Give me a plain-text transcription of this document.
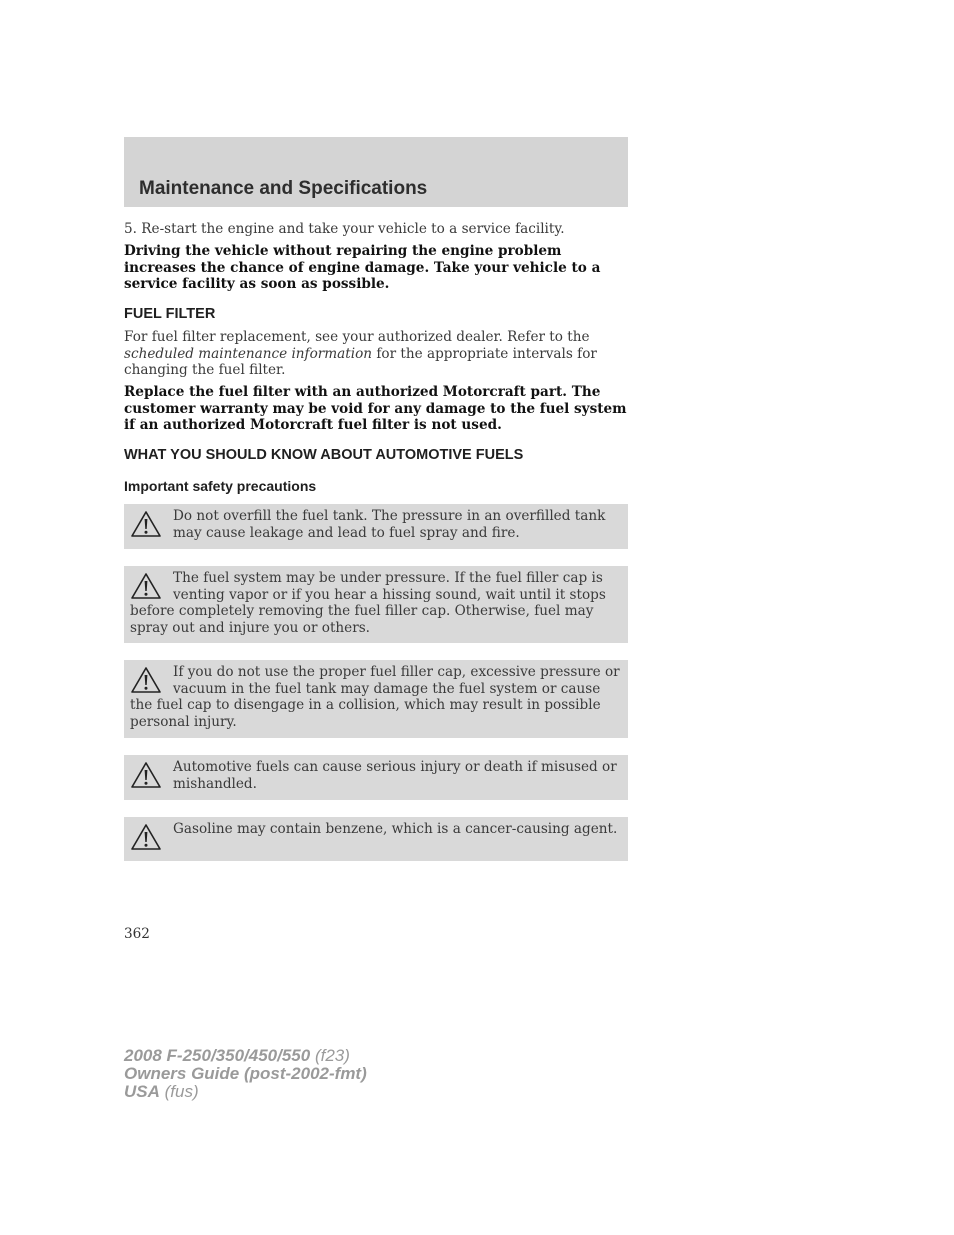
Maintenance and Specifications
5. Re-start the engine and take your vehicle to a service facility.
Driving the vehicle without repairing the engine problem increases the chance of engine damage. Take your vehicle to a service facility as soon as possible.
FUEL FILTER
For fuel filter replacement, see your authorized dealer. Refer to the scheduled maintenance information for the appropriate intervals for changing the fuel filter.
Replace the fuel filter with an authorized Motorcraft part. The customer warranty may be void for any damage to the fuel system if an authorized Motorcraft fuel filter is not used.
WHAT YOU SHOULD KNOW ABOUT AUTOMOTIVE FUELS
Important safety precautions

Do not overfill the fuel tank. The pressure in an overfilled tank may cause leakage and lead to fuel spray and fire.

The fuel system may be under pressure. If the fuel filler cap is venting vapor or if you hear a hissing sound, wait until it stops before completely removing the fuel filler cap. Otherwise, fuel may spray out and injure you or others.

If you do not use the proper fuel filler cap, excessive pressure or vacuum in the fuel tank may damage the fuel system or cause the fuel cap to disengage in a collision, which may result in possible personal injury.

Automotive fuels can cause serious injury or death if misused or mishandled.

Gasoline may contain benzene, which is a cancer-causing agent.

362
2008 F-250/350/450/550 (f23)
Owners Guide (post-2002-fmt)
USA (fus)
